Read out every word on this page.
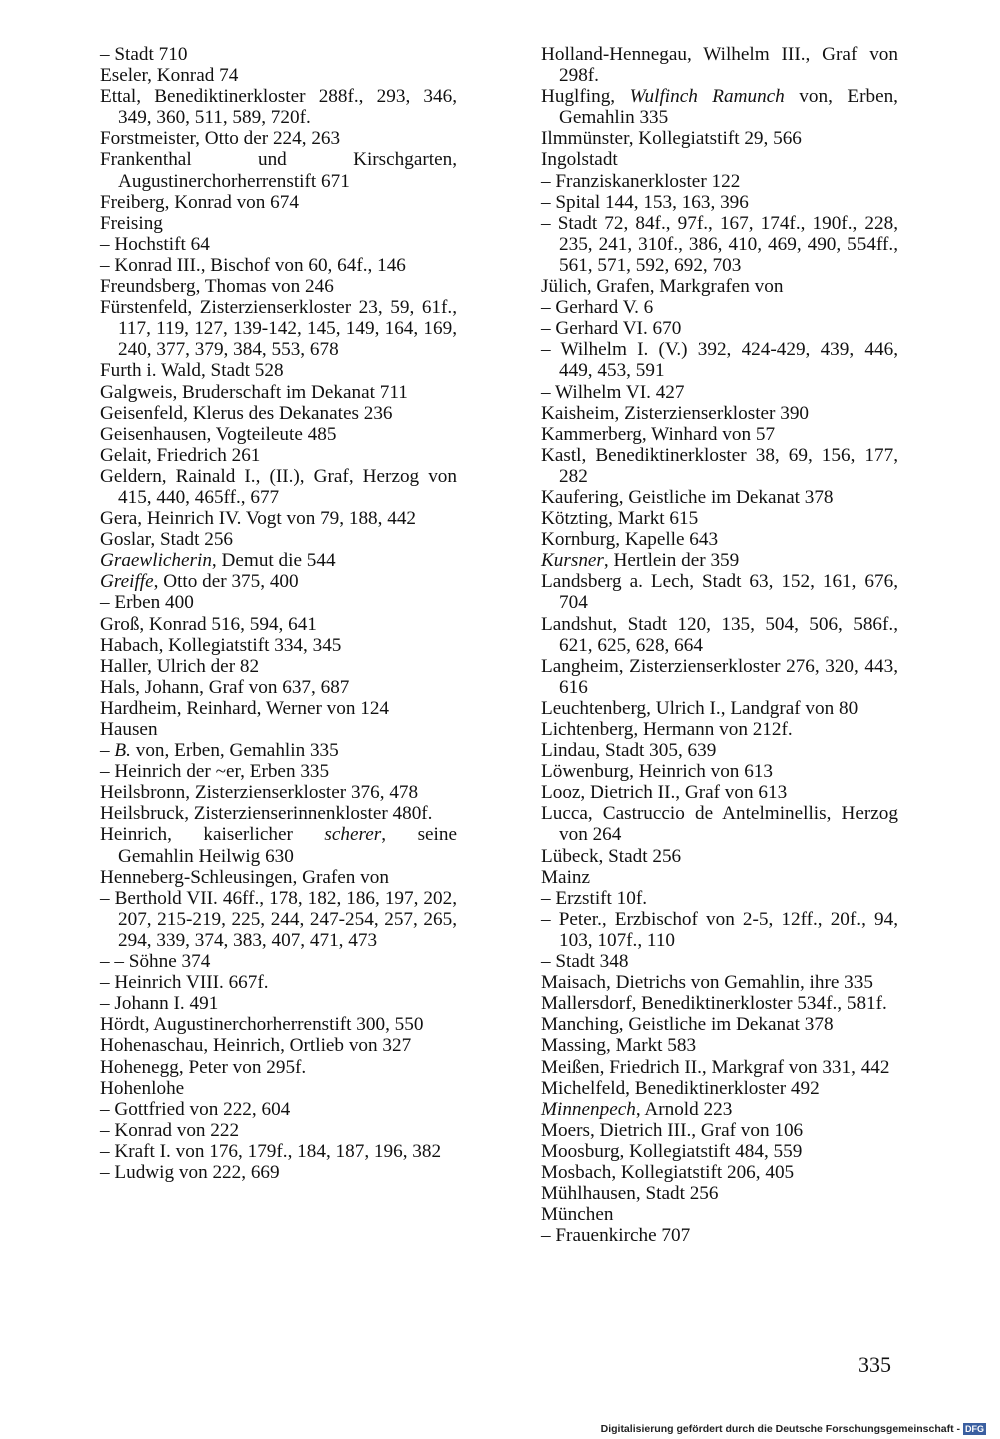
– Stadt 710
Eseler, Konrad 74
Ettal, Benediktinerkloster 288f., 293, 346, 349, 360, 511, 589, 720f.
Forstmeister, Otto der 224, 263
Frankenthal und Kirschgarten, Augustinerchorherrenstift 671
Freiberg, Konrad von 674
Freising
– Hochstift 64
– Konrad III., Bischof von 60, 64f., 146
Freundsberg, Thomas von 246
Fürstenfeld, Zisterzienserkloster 23, 59, 61f., 117, 119, 127, 139-142, 145, 149, 164, 169, 240, 377, 379, 384, 553, 678
Furth i. Wald, Stadt 528
Galgweis, Bruderschaft im Dekanat 711
Geisenfeld, Klerus des Dekanates 236
Geisenhausen, Vogteileute 485
Gelait, Friedrich 261
Geldern, Rainald I., (II.), Graf, Herzog von 415, 440, 465ff., 677
Gera, Heinrich IV. Vogt von 79, 188, 442
Goslar, Stadt 256
Graewlicherin, Demut die 544
Greiffe, Otto der 375, 400
– Erben 400
Groß, Konrad 516, 594, 641
Habach, Kollegiatstift 334, 345
Haller, Ulrich der 82
Hals, Johann, Graf von 637, 687
Hardheim, Reinhard, Werner von 124
Hausen
– B. von, Erben, Gemahlin 335
– Heinrich der ~er, Erben 335
Heilsbronn, Zisterzienserkloster 376, 478
Heilsbruck, Zisterzienserinnenkloster 480f.
Heinrich, kaiserlicher scherer, seine Gemahlin Heilwig 630
Henneberg-Schleusingen, Grafen von
– Berthold VII. 46ff., 178, 182, 186, 197, 202, 207, 215-219, 225, 244, 247-254, 257, 265, 294, 339, 374, 383, 407, 471, 473
– – Söhne 374
– Heinrich VIII. 667f.
– Johann I. 491
Hördt, Augustinerchorherrenstift 300, 550
Hohenaschau, Heinrich, Ortlieb von 327
Hohenegg, Peter von 295f.
Hohenlohe
– Gottfried von 222, 604
– Konrad von 222
– Kraft I. von 176, 179f., 184, 187, 196, 382
– Ludwig von 222, 669
Holland-Hennegau, Wilhelm III., Graf von 298f.
Huglfing, Wulfinch Ramunch von, Erben, Gemahlin 335
Ilmmünster, Kollegiatstift 29, 566
Ingolstadt
– Franziskanerkloster 122
– Spital 144, 153, 163, 396
– Stadt 72, 84f., 97f., 167, 174f., 190f., 228, 235, 241, 310f., 386, 410, 469, 490, 554ff., 561, 571, 592, 692, 703
Jülich, Grafen, Markgrafen von
– Gerhard V. 6
– Gerhard VI. 670
– Wilhelm I. (V.) 392, 424-429, 439, 446, 449, 453, 591
– Wilhelm VI. 427
Kaisheim, Zisterzienserkloster 390
Kammerberg, Winhard von 57
Kastl, Benediktinerkloster 38, 69, 156, 177, 282
Kaufering, Geistliche im Dekanat 378
Kötzting, Markt 615
Kornburg, Kapelle 643
Kursner, Hertlein der 359
Landsberg a. Lech, Stadt 63, 152, 161, 676, 704
Landshut, Stadt 120, 135, 504, 506, 586f., 621, 625, 628, 664
Langheim, Zisterzienserkloster 276, 320, 443, 616
Leuchtenberg, Ulrich I., Landgraf von 80
Lichtenberg, Hermann von 212f.
Lindau, Stadt 305, 639
Löwenburg, Heinrich von 613
Looz, Dietrich II., Graf von 613
Lucca, Castruccio de Antelminellis, Herzog von 264
Lübeck, Stadt 256
Mainz
– Erzstift 10f.
– Peter., Erzbischof von 2-5, 12ff., 20f., 94, 103, 107f., 110
– Stadt 348
Maisach, Dietrichs von Gemahlin, ihre 335
Mallersdorf, Benediktinerkloster 534f., 581f.
Manching, Geistliche im Dekanat 378
Massing, Markt 583
Meißen, Friedrich II., Markgraf von 331, 442
Michelfeld, Benediktinerkloster 492
Minnenpech, Arnold 223
Moers, Dietrich III., Graf von 106
Moosburg, Kollegiatstift 484, 559
Mosbach, Kollegiatstift 206, 405
Mühlhausen, Stadt 256
München
– Frauenkirche 707
335
Digitalisierung gefördert durch die Deutsche Forschungsgemeinschaft - DFG
